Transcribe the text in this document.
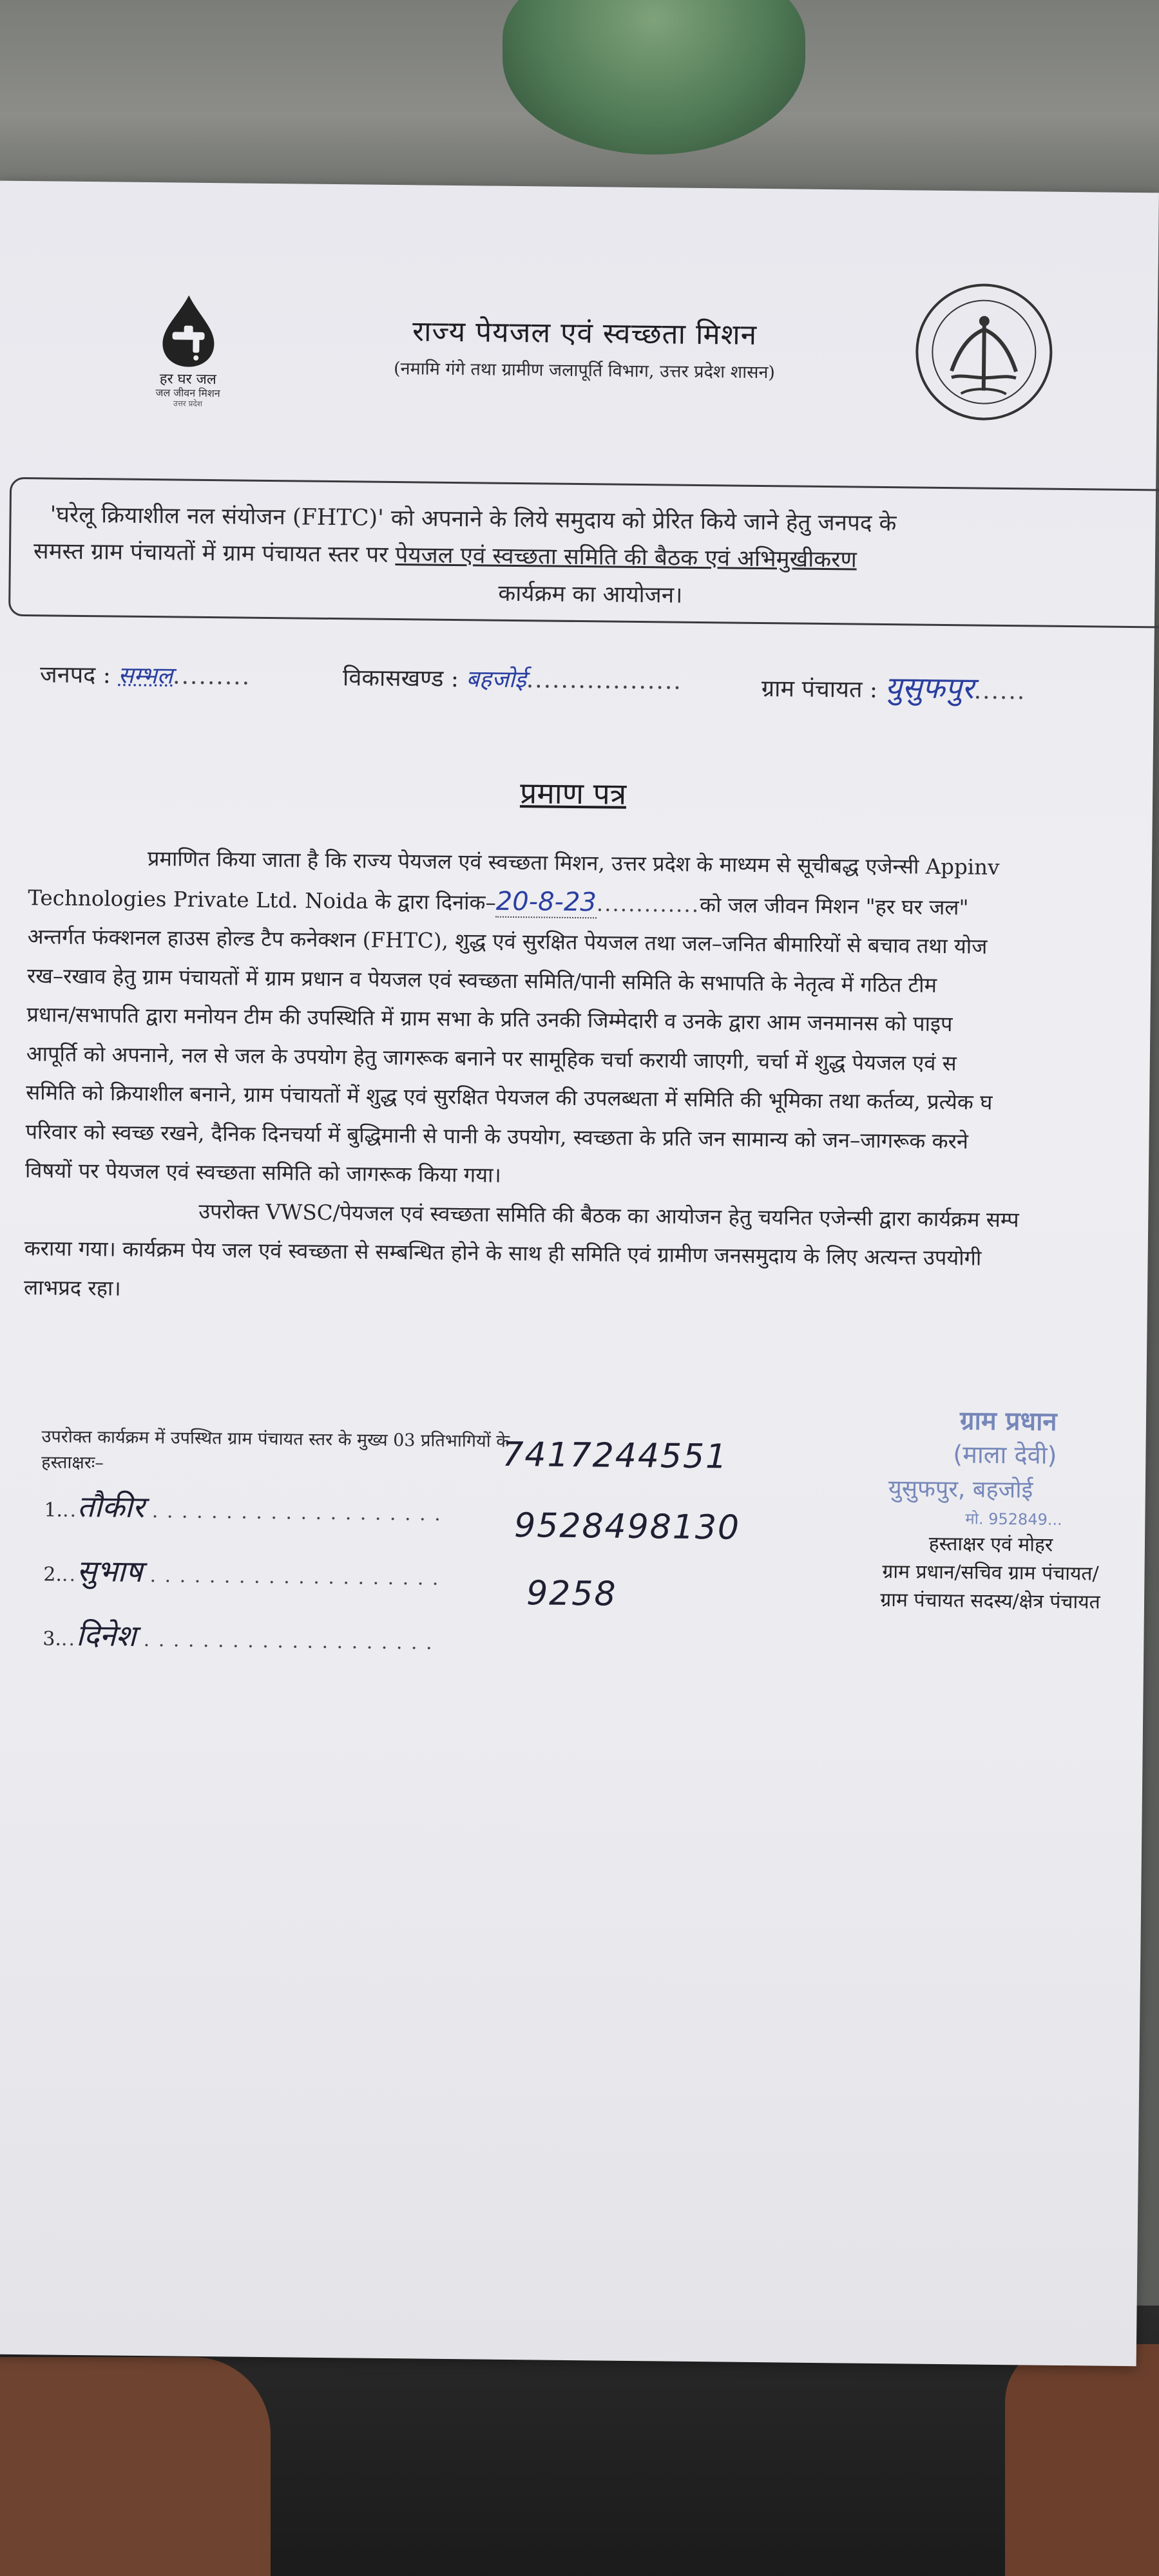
हर घर जल
जल जीवन मिशन
उत्तर प्रदेश
राज्य पेयजल एवं स्वच्छता मिशन
(नमामि गंगे तथा ग्रामीण जलापूर्ति विभाग, उत्तर प्रदेश शासन)
'घरेलू क्रियाशील नल संयोजन (FHTC)' को अपनाने के लिये समुदाय को प्रेरित किये जाने हेतु जनपद के
समस्त ग्राम पंचायतों में ग्राम पंचायत स्तर पर पेयजल एवं स्वच्छता समिति की बैठक एवं अभिमुखीकरण
कार्यक्रम का आयोजन।
जनपद : सम्भल.........	विकासखण्ड : बहजोई..................	ग्राम पंचायत : युसुफपुर......
प्रमाण पत्र

प्रमाणित किया जाता है कि राज्य पेयजल एवं स्वच्छता मिशन, उत्तर प्रदेश के माध्यम से सूचीबद्ध एजेन्सी Appinv

Technologies Private Ltd. Noida के द्वारा दिनांक–20-8-23.............को जल जीवन मिशन "हर घर जल"

अन्तर्गत फंक्शनल हाउस होल्ड टैप कनेक्शन (FHTC), शुद्ध एवं सुरक्षित पेयजल तथा जल–जनित बीमारियों से बचाव तथा योज

रख–रखाव हेतु ग्राम पंचायतों में ग्राम प्रधान व पेयजल एवं स्वच्छता समिति/पानी समिति के सभापति के नेतृत्व में गठित टीम

प्रधान/सभापति द्वारा मनोयन टीम की उपस्थिति में ग्राम सभा के प्रति उनकी जिम्मेदारी व उनके द्वारा आम जनमानस को पाइप

आपूर्ति को अपनाने, नल से जल के उपयोग हेतु जागरूक बनाने पर सामूहिक चर्चा करायी जाएगी, चर्चा में शुद्ध पेयजल एवं स

समिति को क्रियाशील बनाने, ग्राम पंचायतों में शुद्ध एवं सुरक्षित पेयजल की उपलब्धता में समिति की भूमिका तथा कर्तव्य, प्रत्येक घ

परिवार को स्वच्छ रखने, दैनिक दिनचर्या में बुद्धिमानी से पानी के उपयोग, स्वच्छता के प्रति जन सामान्य को जन–जागरूक करने

विषयों पर पेयजल एवं स्वच्छता समिति को जागरूक किया गया।

उपरोक्त VWSC/पेयजल एवं स्वच्छता समिति की बैठक का आयोजन हेतु चयनित एजेन्सी द्वारा कार्यक्रम सम्प

कराया गया। कार्यक्रम पेय जल एवं स्वच्छता से सम्बन्धित होने के साथ ही समिति एवं ग्रामीण जनसमुदाय के लिए अत्यन्त उपयोगी

लाभप्रद रहा।

उपरोक्त कार्यक्रम में उपस्थित ग्राम पंचायत स्तर के मुख्य 03 प्रतिभागियों के
हस्ताक्षरः–
1...तौकीर . . . . . . . . . . . . . . . . . . . .
2...सुभाष . . . . . . . . . . . . . . . . . . . .
3...दिनेश . . . . . . . . . . . . . . . . . . . .
7417244551
9528498130
9258
ग्राम प्रधान
(माला देवी)
युसुफपुर, बहजोई
मो. 952849...
हस्ताक्षर एवं मोहर
ग्राम प्रधान/सचिव ग्राम पंचायत/
ग्राम पंचायत सदस्य/क्षेत्र पंचायत
